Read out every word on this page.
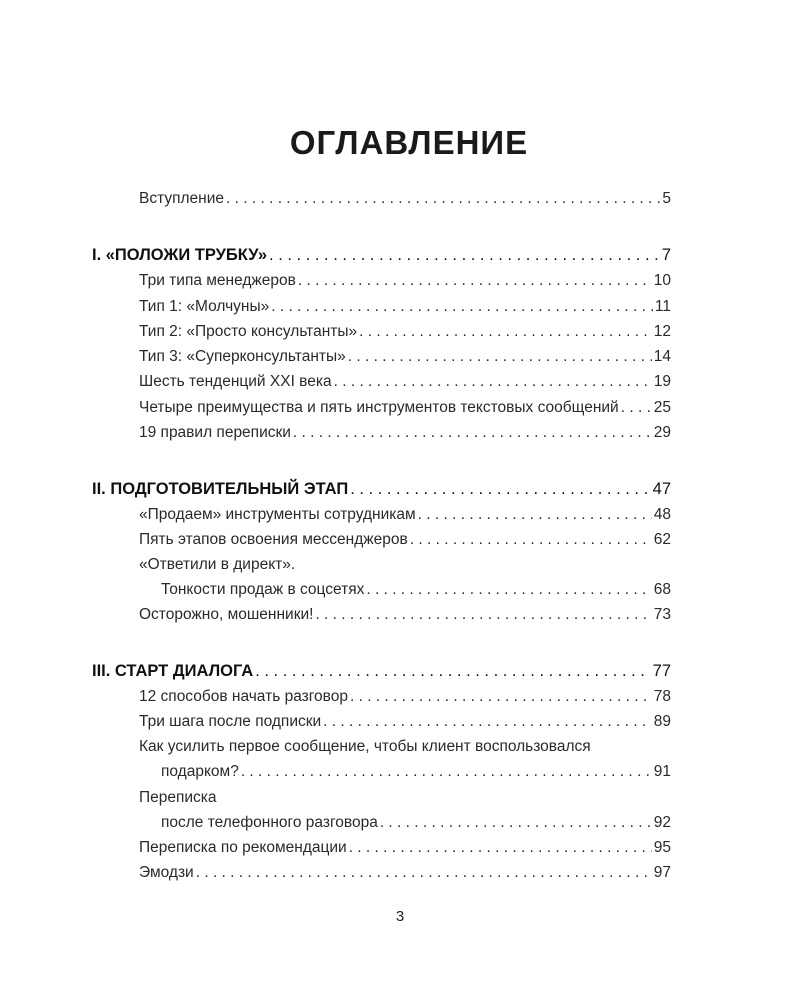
ОГЛАВЛЕНИЕ
Вступление . . .	5
I. «ПОЛОЖИ ТРУБКУ» . . .	7
Три типа менеджеров . . .	10
Тип 1: «Молчуны» . . .	11
Тип 2: «Просто консультанты» . . .	12
Тип 3: «Суперконсультанты» . . .	14
Шесть тенденций XXI века . . .	19
Четыре преимущества и пять инструментов текстовых сообщений . . . 25
19 правил переписки . . .	29
II. ПОДГОТОВИТЕЛЬНЫЙ ЭТАП . . .	47
«Продаем» инструменты сотрудникам . . .	48
Пять этапов освоения мессенджеров . . .	62
«Ответили в директ».
Тонкости продаж в соцсетях . . .	68
Осторожно, мошенники! . . .	73
III. СТАРТ ДИАЛОГА . . .	77
12 способов начать разговор . . .	78
Три шага после подписки . . .	89
Как усилить первое сообщение, чтобы клиент воспользовался
подарком? . . .	91
Переписка
после телефонного разговора . . .	92
Переписка по рекомендации . . .	95
Эмодзи . . .	97
3
